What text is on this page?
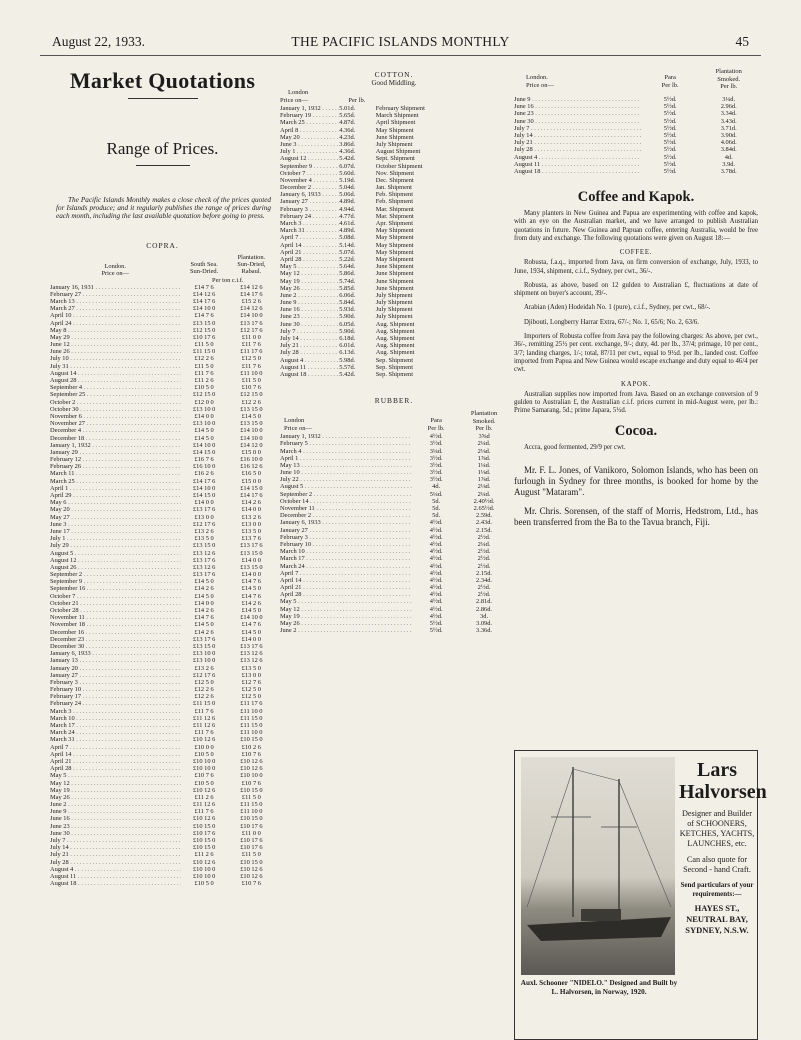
August 22, 1933.	THE PACIFIC ISLANDS MONTHLY	45
Market Quotations
Range of Prices.

The Pacific Islands Monthly makes a close check of the prices quoted for Islands produce; and it regularly publishes the range of prices during each month, including the last available quotation before going to press.

COPRA.
London.
Price on—
South Sea.
Sun-Dried.
Plantation.
Sun-Dried,
Rabaul.
Per ton c.i.f.
January 16, 1931 . . .	£14 7 6	£14 12 6
February 27 . . .	£14 12 6	£14 17 6
March 13 . . .	£14 17 6	£15 2 6
March 27 . . .	£14 10 0	£14 12 6
April 10 . . .	£14 7 6	£14 10 0
April 24 . . .	£13 15 0	£13 17 6
May 8 . . .	£12 15 0	£12 17 6
May 29 . . .	£10 17 6	£11 0 0
June 12 . . .	£11 5 0	£11 7 6
June 26 . . .	£11 15 0	£11 17 6
July 10 . . .	£12 2 6	£12 5 0
July 31 . . .	£11 5 0	£11 7 6
August 14 . . .	£11 7 6	£11 10 0
August 28 . . .	£11 2 6	£11 5 0
September 4 . . .	£10 5 0	£10 7 6
September 25 . . .	£12 15 0	£12 15 0
October 2 . . .	£12 0 0	£12 2 6
October 30 . . .	£13 10 0	£13 15 0
November 6 . . .	£14 0 0	£14 5 0
November 27 . . .	£13 10 0	£13 15 0
December 4 . . .	£14 5 0	£14 10 0
December 18 . . .	£14 5 0	£14 10 0
January 1, 1932 . . .	£14 10 0	£14 12 0
January 29 . . .	£14 15 0	£15 0 0
February 12 . . .	£16 7 6	£16 10 0
February 26 . . .	£16 10 0	£16 12 6
March 11 . . .	£16 2 6	£16 5 0
March 25 . . .	£14 17 6	£15 0 0
April 1 . . .	£14 10 0	£14 15 0
April 29 . . .	£14 15 0	£14 17 6
May 6 . . .	£14 0 0	£14 2 6
May 20 . . .	£13 17 6	£14 0 0
May 27 . . .	£13 0 0	£13 2 6
June 3 . . .	£12 17 6	£13 0 0
June 17 . . .	£13 2 6	£13 5 0
July 1 . . .	£13 5 0	£13 7 6
July 29 . . .	£13 15 0	£13 17 6
August 5 . . .	£13 12 6	£13 15 0
August 12 . . .	£13 17 6	£14 0 0
August 26 . . .	£13 12 6	£13 15 0
September 2 . . .	£13 17 6	£14 0 0
September 9 . . .	£14 5 0	£14 7 6
September 16 . . .	£14 2 6	£14 5 0
October 7 . . .	£14 5 0	£14 7 6
October 21 . . .	£14 0 0	£14 2 6
October 28 . . .	£14 2 6	£14 5 0
November 11 . . .	£14 7 6	£14 10 0
November 18 . . .	£14 5 0	£14 7 6
December 16 . . .	£14 2 6	£14 5 0
December 23 . . .	£13 17 6	£14 0 0
December 30 . . .	£13 15 0	£13 17 6
January 6, 1933 . . .	£13 10 0	£13 12 6
January 13 . . .	£13 10 0	£13 12 6
January 20 . . .	£13 2 6	£13 5 0
January 27 . . .	£12 17 6	£13 0 0
February 3 . . .	£12 5 0	£12 7 6
February 10 . . .	£12 2 6	£12 5 0
February 17 . . .	£12 2 6	£12 5 0
February 24 . . .	£11 15 0	£11 17 6
March 3 . . .	£11 7 6	£11 10 0
March 10 . . .	£11 12 6	£11 15 0
March 17 . . .	£11 12 6	£11 15 0
March 24 . . .	£11 7 6	£11 10 0
March 31 . . .	£10 12 6	£10 15 0
April 7 . . .	£10 0 0	£10 2 6
April 14 . . .	£10 5 0	£10 7 6
April 21 . . .	£10 10 0	£10 12 6
April 28 . . .	£10 10 0	£10 12 6
May 5 . . .	£10 7 6	£10 10 0
May 12 . . .	£10 5 0	£10 7 6
May 19 . . .	£10 12 6	£10 15 0
May 26 . . .	£11 2 6	£11 5 0
June 2 . . .	£11 12 6	£11 15 0
June 9 . . .	£11 7 6	£11 10 0
June 16 . . .	£10 12 6	£10 15 0
June 23 . . .	£10 15 0	£10 17 6
June 30 . . .	£10 17 6	£11 0 0
July 7 . . .	£10 15 0	£10 17 6
July 14 . . .	£10 15 0	£10 17 6
July 21 . . .	£11 2 6	£11 5 0
July 28 . . .	£10 12 6	£10 15 0
August 4 . . .	£10 10 0	£10 12 6
August 11 . . .	£10 10 0	£10 12 6
August 18 . . .	£10 5 0	£10 7 6
COTTON.
Good Middling.
London
Price on—	Per lb.
January 1, 1932 . . .	5.01d.	February Shipment
February 19 . . .	5.65d.	March Shipment
March 25 . . .	4.87d.	April Shipment
April 8 . . .	4.36d.	May Shipment
May 20 . . .	4.23d.	June Shipment
June 3 . . .	3.86d.	July Shipment
July 1 . . .	4.36d.	August Shipment
August 12 . . .	5.42d.	Sept. Shipment
September 9 . . .	6.07d.	October Shipment
October 7 . . .	5.60d.	Nov. Shipment
November 4 . . .	5.19d.	Dec. Shipment
December 2 . . .	5.04d.	Jan. Shipment
January 6, 1933 . . .	5.06d.	Feb. Shipment
January 27 . . .	4.89d.	Feb. Shipment
February 3 . . .	4.94d.	Mar. Shipment
February 24 . . .	4.77d.	Mar. Shipment
March 3 . . .	4.61d.	Apr. Shipment
March 31 . . .	4.89d.	May Shipment
April 7 . . .	5.08d.	May Shipment
April 14 . . .	5.14d.	May Shipment
April 21 . . .	5.07d.	May Shipment
April 28 . . .	5.22d.	May Shipment
May 5 . . .	5.64d.	June Shipment
May 12 . . .	5.86d.	June Shipment
May 19 . . .	5.74d.	June Shipment
May 26 . . .	5.85d.	June Shipment
June 2 . . .	6.06d.	July Shipment
June 9 . . .	5.84d.	July Shipment
June 16 . . .	5.93d.	July Shipment
June 23 . . .	5.90d.	July Shipment
June 30 . . .	6.05d.	Aug. Shipment
July 7 . . .	5.90d.	Aug. Shipment
July 14 . . .	6.18d.	Aug. Shipment
July 21 . . .	6.01d.	Aug. Shipment
July 28 . . .	6.13d.	Aug. Shipment
August 4 . . .	5.98d.	Sep. Shipment
August 11 . . .	5.57d.	Sep. Shipment
August 18 . . .	5.42d.	Sep. Shipment
RUBBER.
London
Price on—
Para
Per lb.
Plantation
Smoked.
Per lb.
January 1, 1932 . . .	4½d.	3⅝d
February 5 . . .	3½d.	2¼d.
March 4 . . .	3¼d.	2⅛d.
April 1 . . .	3½d.	1⅞d.
May 13 . . .	3½d.	1¼d.
June 10 . . .	3½d.	1⅛d.
July 22 . . .	3½d.	1⅞d.
August 5 . . .	4d.	2⅛d.
September 2 . . .	5¼d.	2¼d.
October 14 . . .	5d.	2.40½d.
November 11 . . .	5d.	2.65½d.
December 2 . . .	5d.	2.59d.
January 6, 1933 . . .	4½d.	2.43d.
January 27 . . .	4½d.	2.15d.
February 3 . . .	4½d.	2½d.
February 10 . . .	4½d.	2¼d.
March 10 . . .	4½d.	2½d.
March 17 . . .	4½d.	2½d.
March 24 . . .	4½d.	2½d.
April 7 . . .	4½d.	2.15d.
April 14 . . .	4½d.	2.34d.
April 21 . . .	4½d.	2½d.
April 28 . . .	4½d.	2½d.
May 5 . . .	4½d.	2.81d.
May 12 . . .	4½d.	2.86d.
May 19 . . .	4½d.	3d.
May 26 . . .	5½d.	3.09d.
June 2 . . .	5½d.	3.36d.
London.
Price on—
Para
Per lb.
Plantation
Smoked.
Per lb.
June 9 . . .	5½d.	3¼d.
June 16 . . .	5½d.	2.96d.
June 23 . . .	5½d.	3.34d.
June 30 . . .	5½d.	3.43d.
July 7 . . .	5½d.	3.71d.
July 14 . . .	5½d.	3.90d.
July 21 . . .	5½d.	4.06d.
July 28 . . .	5½d.	3.84d.
August 4 . . .	5½d.	4d.
August 11 . . .	5½d.	3.9d.
August 18 . . .	5½d.	3.78d.
Coffee and Kapok.

Many planters in New Guinea and Papua are experimenting with coffee and kapok, with an eye on the Australian market, and we have arranged to publish Australian quotations in future. New Guinea and Papuan coffee, entering Australia, would be free from duty and exchange. The following quotations were given on August 18:—

COFFEE.

Robusta, f.a.q., imported from Java, on firm conversion of exchange, July, 1933, to June, 1934, shipment, c.i.f., Sydney, per cwt., 36/-.

Robusta, as above, based on 12 gulden to Australian £, fluctuations at date of shipment on buyer's account, 39/-.

Arabian (Aden) Hodeidah No. 1 (pure), c.i.f., Sydney, per cwt., 68/-.

Djibouti, Longberry Harrar Extra, 67/-; No. 1, 65/6; No. 2, 63/6.

Importers of Robusta coffee from Java pay the following charges: As above, per cwt., 36/-, remitting 25½ per cent. exchange, 9/-; duty, 4d. per lb., 37/4; primage, 10 per cent., 3/7; landing charges, 1/-; total, 87/11 per cwt., equal to 9½d. per lb., landed cost. Coffee imported from Papua and New Guinea would escape exchange and duty equal to 46/4 per cwt.

KAPOK.

Australian supplies now imported from Java. Based on an exchange conversion of 9 gulden to Australian £, the Australian c.i.f. prices current in mid-August were, per lb.: Prime Samarang, 5d.; prime Japara, 5½d.

Cocoa.

Accra, good fermented, 29/9 per cwt.

Mr. F. L. Jones, of Vanikoro, Solomon Islands, who has been on furlough in Sydney for three months, is booked for home by the August "Mataram".

Mr. Chris. Sorensen, of the staff of Morris, Hedstrom, Ltd., has been transferred from the Ba to the Tavua branch, Fiji.

Auxl. Schooner "NIDELO." Designed and Built by L. Halvorsen, in Norway, 1920.
Lars
Halvorsen
Designer and Builder of SCHOONERS, KETCHES, YACHTS, LAUNCHES, etc.
Can also quote for Second - hand Craft.
Send particulars of your requirements:—
HAYES ST.,
NEUTRAL BAY,
SYDNEY, N.S.W.
